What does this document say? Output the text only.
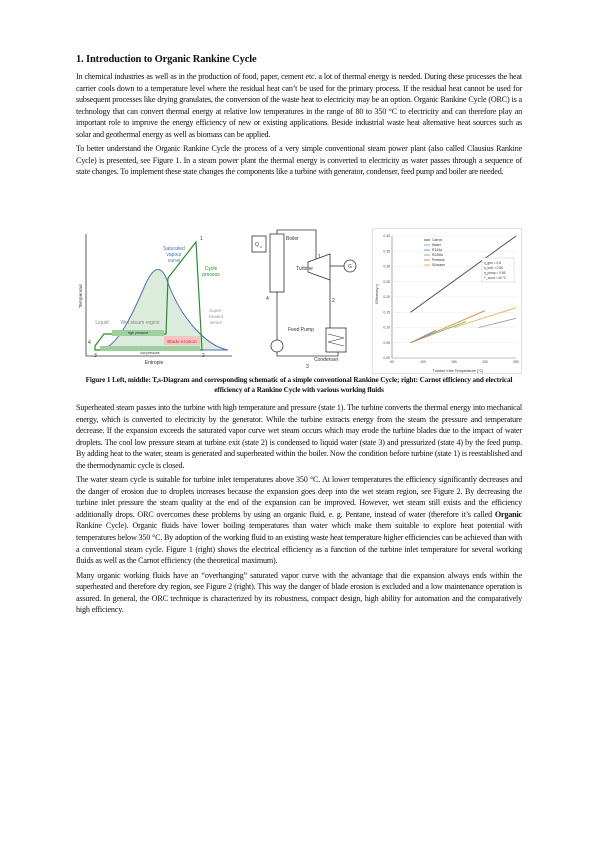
1. Introduction to Organic Rankine Cycle

In chemical industries as well as in the production of food, paper, cement etc. a lot of thermal energy is needed. During these processes the heat carrier cools down to a temperature level where the residual heat can’t be used for the primary process. If the residual heat cannot be used for subsequent processes like drying granulates, the conversion of the waste heat to electricity may be an option. Organic Rankine Cycle (ORC) is a technology that can convert thermal energy at relative low temperatures in the range of 80 to 350 °C to electricity and can therefore play an important role to improve the energy efficiency of new or existing applications. Beside industrial waste heat alternative heat sources such as solar and geothermal energy as well as biomass can be applied.

To better understand the Organic Rankine Cycle the process of a very simple conventional steam power plant (also called Clausius Rankine Cycle) is presented, see Figure 1. In a steam power plant the thermal energy is converted to electricity as water passes through a sequence of state changes. To implement these state changes the components like a turbine with generator, condenser, feed pump and boiler are needed.

Temperatur
Entropie
Saturated
vapour
curve
Cycle
process
high pressure
low pressure
Liquid Wet steam region
Super-
heated
steam
Blade erosion
1
2
3
4
Q in
Boiler
Turbine	G
Feed Pump
Condenser
1
2
3
4	Efficiency η
Turbine Inlet Temperature [°C]
0.00
0.05
0.10
0.15
0.20
0.25
0.30
0.35
0.40
50	100	150	200	250
Carnot
Water
R134a
R245fa
Pentane
Siloxane
η_gen = 0.8
η_turb = 0.85
η_pump = 0.85
T_cond = 40 °C
Figure 1 Left, middle: T,s-Diagram and corresponding schematic of a simple conventional Rankine Cycle; right: Carnot efficiency and electrical efficiency of a Rankine Cycle with various working fluids

Superheated steam passes into the turbine with high temperature and pressure (state 1). The turbine converts the thermal energy into mechanical energy, which is converted to electricity by the generator. While the turbine extracts energy from the steam the pressure and temperature decrease. If the expansion exceeds the saturated vapor curve wet steam occurs which may erode the turbine blades due to the impact of water droplets. The cool low pressure steam at turbine exit (state 2) is condensed to liquid water (state 3) and pressurized (state 4) by the feed pump. By adding heat to the water, steam is generated and superheated within the boiler. Now the condition before turbine (state 1) is reestablished and the thermodynamic cycle is closed.

The water steam cycle is suitable for turbine inlet temperatures above 350 °C. At lower temperatures the efficiency significantly decreases and the danger of erosion due to droplets increases because the expansion goes deep into the wet steam region, see Figure 2. By decreasing the turbine inlet pressure the steam quality at the end of the expansion can be improved. However, wet steam still exists and the efficiency additionally drops. ORC overcomes these problems by using an organic fluid, e. g. Pentane, instead of water (therefore it’s called Organic Rankine Cycle). Organic fluids have lower boiling temperatures than water which make them suitable to explore heat potential with temperatures below 350 °C. By adoption of the working fluid to an existing waste heat temperature higher efficiencies can be achieved than with a conventional steam cycle. Figure 1 (right) shows the electrical efficiency as a function of the turbine inlet temperature for several working fluids as well as the Carnot efficiency (the theoretical maximum).

Many organic working fluids have an “overhanging” saturated vapor curve with the advantage that die expansion always ends within the superheated and therefore dry region, see Figure 2 (right). This way the danger of blade erosion is excluded and a low maintenance operation is assured. In general, the ORC technique is characterized by its robustness, compact design, high ability for automation and the comparatively high efficiency.
